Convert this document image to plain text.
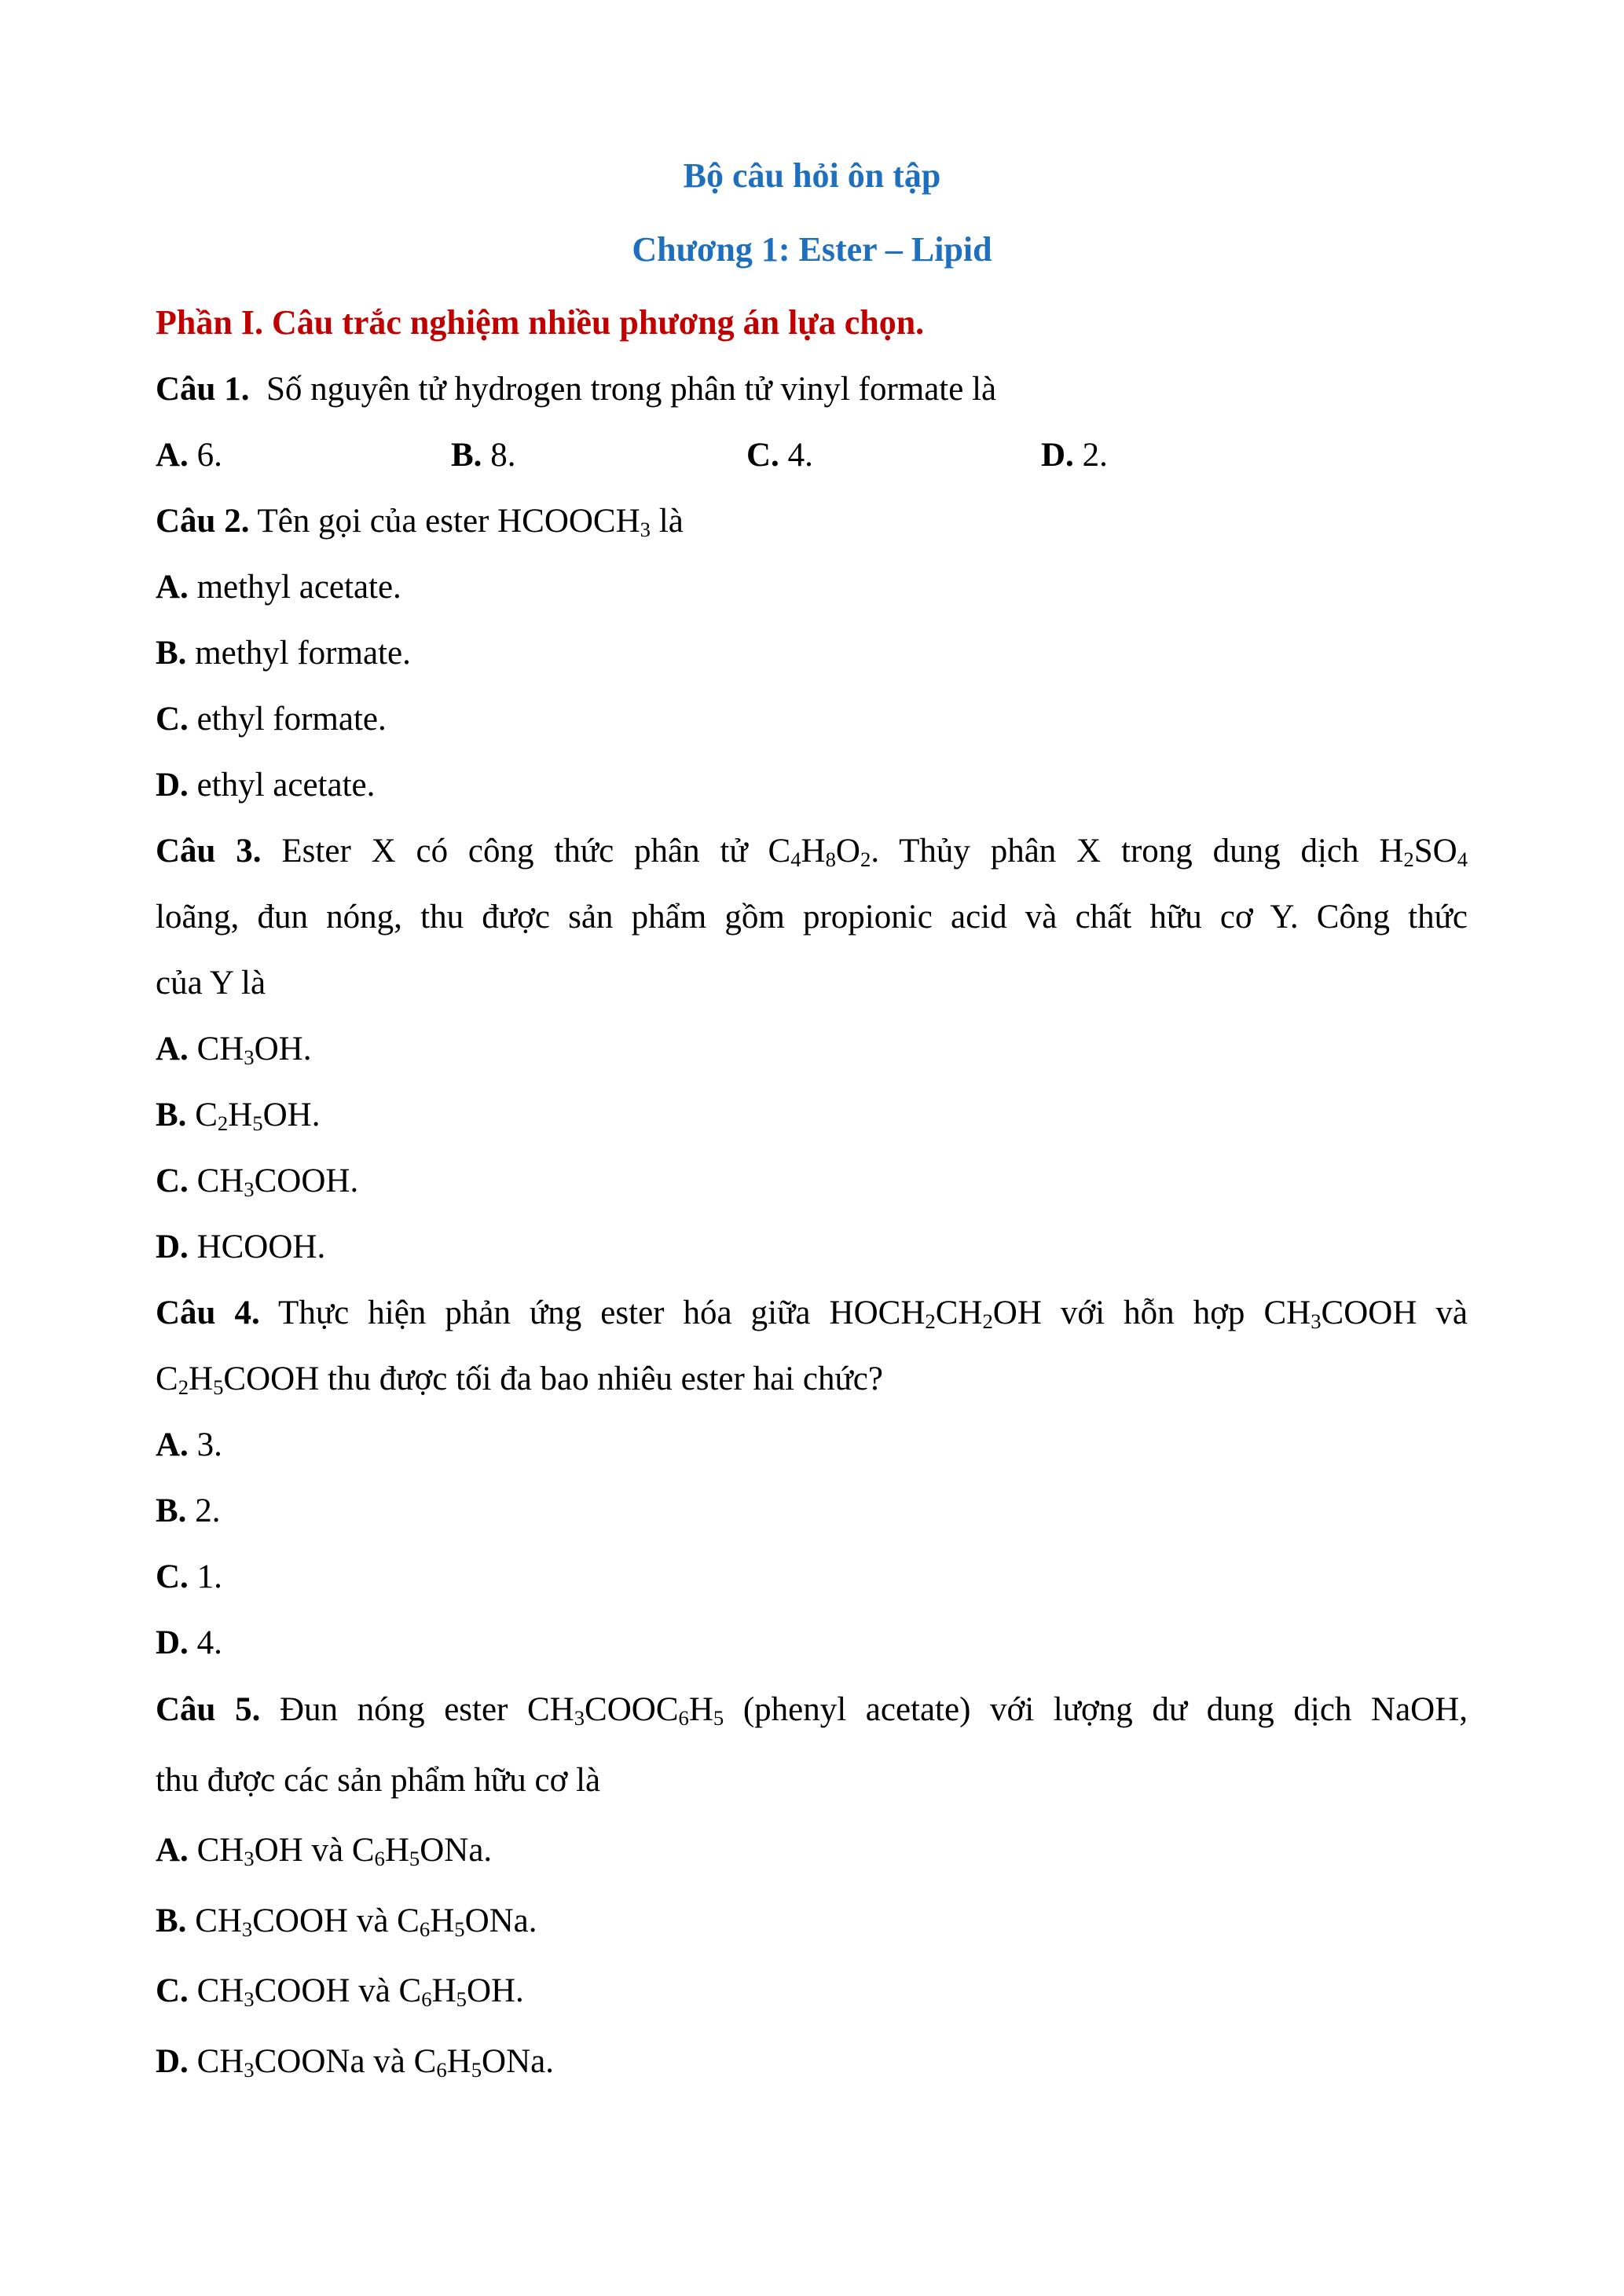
Bộ câu hỏi ôn tập
Chương 1: Ester – Lipid
Phần I. Câu trắc nghiệm nhiều phương án lựa chọn.
Câu 1. Số nguyên tử hydrogen trong phân tử vinyl formate là
A. 6.	B. 8.	C. 4.	D. 2.
Câu 2. Tên gọi của ester $HCOOCH_3$ là
A. methyl acetate.
B. methyl formate.
C. ethyl formate.
D. ethyl acetate.
Câu 3. Ester X có công thức phân tử $C_4H_8O_2$. Thủy phân X trong dung dịch $H_2SO_4$
loãng, đun nóng, thu được sản phẩm gồm propionic acid và chất hữu cơ Y. Công thức
của Y là
A. $CH_3OH$.
B. $C_2H_5OH$.
C. $CH_3COOH$.
D. HCOOH.
Câu 4. Thực hiện phản ứng ester hóa giữa $HOCH_2CH_2OH$ với hỗn hợp $CH_3COOH$ và
$C_2H_5COOH$ thu được tối đa bao nhiêu ester hai chức?
A. 3.
B. 2.
C. 1.
D. 4.
Câu 5. Đun nóng ester $CH_3COOC_6H_5$ (phenyl acetate) với lượng dư dung dịch NaOH,
thu được các sản phẩm hữu cơ là
A. $CH_3OH$ và $C_6H_5ONa$.
B. $CH_3COOH$ và $C_6H_5ONa$.
C. $CH_3COOH$ và $C_6H_5OH$.
D. $CH_3COONa$ và $C_6H_5ONa$.
